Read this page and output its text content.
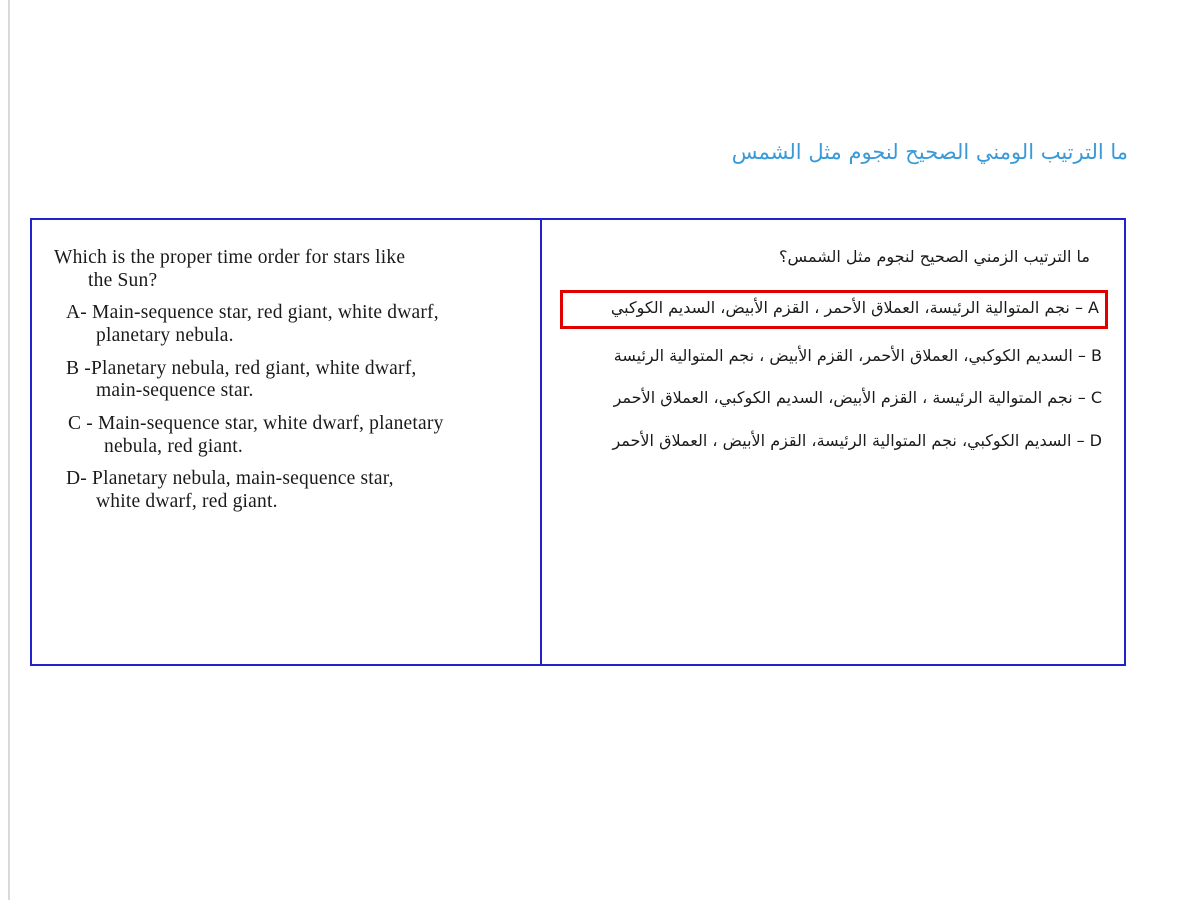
ما الترتيب الومني الصحيح لنجوم مثل الشمس

Which is the proper time order for stars like

the Sun?

A- Main-sequence star, red giant, white dwarf,

planetary nebula.

B -Planetary nebula, red giant, white dwarf,

main-sequence star.

C - Main-sequence star, white dwarf, planetary

nebula, red giant.

D- Planetary nebula, main-sequence star,

white dwarf, red giant.

ما الترتيب الزمني الصحيح لنجوم مثل الشمس؟

A – نجم المتوالية الرئيسة، العملاق الأحمر ، القزم الأبيض، السديم الكوكبي

B – السديم الكوكبي، العملاق الأحمر، القزم الأبيض ، نجم المتوالية الرئيسة

C – نجم المتوالية الرئيسة ، القزم الأبيض، السديم الكوكبي، العملاق الأحمر

D – السديم الكوكبي، نجم المتوالية الرئيسة، القزم الأبيض ، العملاق الأحمر
